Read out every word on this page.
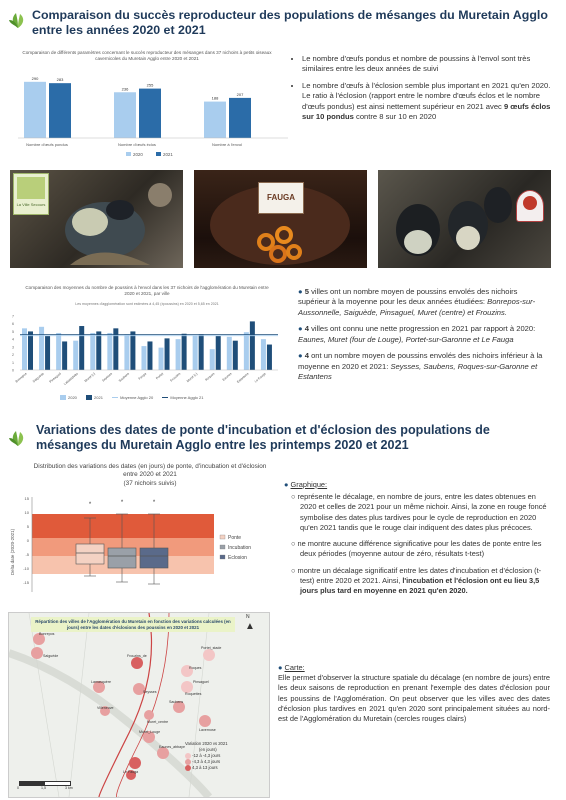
Comparaison du succès reproducteur des populations de mésanges du Muretain Agglo entre les années 2020 et 2021
Comparaison de différents paramètres concernant le succès reproducteur des mésanges dans 37 nichoirs à petits oiseaux cavernicoles du Muretain Agglo entre 2020 et 2021
290	283
Nombre d'œufs pondus
236
255
Nombre d'œufs éclos
188
207
Nombre à l'envol
2020	2021
• Le nombre d'œufs pondus et nombre de poussins à l'envol sont très similaires entre les deux années de suivi
• Le nombre d'œufs à l'éclosion semble plus important en 2021 qu'en 2020. Le ratio à l'éclosion (rapport entre le nombre d'œufs éclos et le nombre d'œufs pondus) est ainsi nettement supérieur en 2021 avec 9 œufs éclos sur 10 pondus contre 8 sur 10 en 2020
La Ville Secours
FAUGA
Comparaison des moyennes du nombre de poussins à l'envol dans les 37 nichoirs de l'agglomération du Muretain entre 2020 et 2021, par ville
Les moyennes d'agglomération sont estimées à 4,45 (±poussins) en 2020 et 5,65 en 2021
0
1
2
3
4
5
6
7
Bonrepos Saiguède Pinsaguel Labastidette Muret (c) Seysses Saubens Fauga Portet Frouzins Muret (L) Roques Eaunes Estantens Le Fauga
2020	2021	Moyenne Agglo 20	Moyenne Agglo 21
● 5 villes ont un nombre moyen de poussins envolés des nichoirs supérieur à la moyenne pour les deux années étudiées: Bonrepos-sur-Aussonnelle, Saiguède, Pinsaguel, Muret (centre) et Frouzins.
● 4 villes ont connu une nette progression en 2021 par rapport à 2020: Eaunes, Muret (four de Louge), Portet-sur-Garonne et Le Fauga
● 4 ont un nombre moyen de poussins envolés des nichoirs inférieur à la moyenne en 2020 et 2021: Seysses, Saubens, Roques-sur-Garonne et Estantens
Variations des dates de ponte d'incubation et d'éclosion des populations de mésanges du Muretain Agglo entre les printemps 2020 et 2021
Distribution des variations des dates (en jours) de ponte, d'incubation et d'éclosion entre 2020 et 2021
(37 nichoirs suivis)
15
10
5
0
-5
-10
-15
Delta date (2020-2021)
*	*	*
Ponte
Incubation
Eclosion
● Graphique:
○ représente le décalage, en nombre de jours, entre les dates obtenues en 2020 et celles de 2021 pour un même nichoir. Ainsi, la zone en rouge foncé symbolise des dates plus tardives pour le cycle de reproduction en 2020 qu'en 2021 tandis que le rouge clair indiquent des dates plus précoces.
○ ne montre aucune différence significative pour les dates de ponte entre les deux périodes (moyenne autour de zéro, résultats t-test)
○ montre un décalage significatif entre les dates d'incubation et d'éclosion (t-test) entre 2020 et 2021. Ainsi, l'incubation et l'éclosion ont eu lieu 3,5 jours plus tard en moyenne en 2021 qu'en 2020.
Bonrepos
Saiguède	Frouzins_de
Portet_stade
Seysses
Roques
Lamasquère
Roquettes
Saubens
Pinsaguel
Muret_centre
Lavernose
Muret_Louge
Eaunes_abbaye
Le Fauga
Villeneuve
Répartition des villes de l'Agglomération du Muretain en fonction des variations calculées (en jours) entre les dates d'éclosions des poussins en 2020 et 2021	▲
N
Variation 2020 vs 2021
(en jours)
-12 à -4,3 jours
-4,3 à 4,3 jours
4,3 à 13 jours
0	1,5	3 km
● Carte:
Elle permet d'observer la structure spatiale du décalage (en nombre de jours) entre les deux saisons de reproduction en prenant l'exemple des dates d'éclosion pour les poussins de l'Agglomération. On peut observer que les villes avec des dates d'éclosion plus tardives en 2021 qu'en 2020 sont principalement situées au nord-est de l'Agglomération du Muretain (cercles rouges clairs)
